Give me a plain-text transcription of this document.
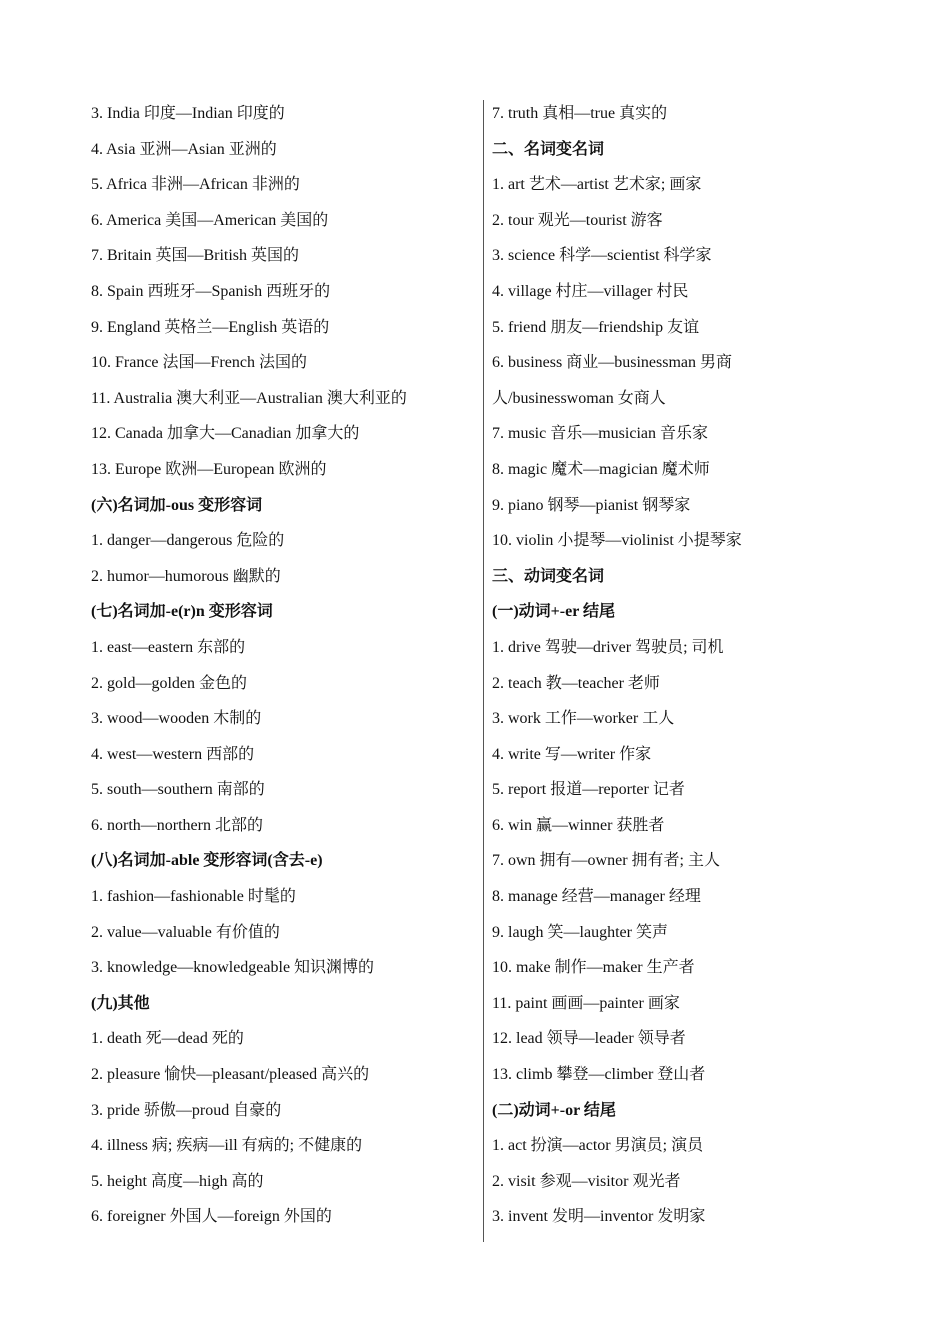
3. India 印度—Indian 印度的
4. Asia 亚洲—Asian 亚洲的
5. Africa 非洲—African 非洲的
6. America 美国—American 美国的
7. Britain 英国—British 英国的
8. Spain 西班牙—Spanish 西班牙的
9. England 英格兰—English 英语的
10. France 法国—French 法国的
11. Australia 澳大利亚—Australian 澳大利亚的
12. Canada 加拿大—Canadian 加拿大的
13. Europe 欧洲—European 欧洲的
(六)名词加-ous 变形容词
1. danger—dangerous 危险的
2. humor—humorous 幽默的
(七)名词加-e(r)n 变形容词
1. east—eastern 东部的
2. gold—golden 金色的
3. wood—wooden 木制的
4. west—western 西部的
5. south—southern 南部的
6. north—northern 北部的
(八)名词加-able 变形容词(含去-e)
1. fashion—fashionable 时髦的
2. value—valuable 有价值的
3. knowledge—knowledgeable 知识渊博的
(九)其他
1. death 死—dead 死的
2. pleasure 愉快—pleasant/pleased 高兴的
3. pride 骄傲—proud 自豪的
4. illness 病; 疾病—ill 有病的; 不健康的
5. height 高度—high 高的
6. foreigner 外国人—foreign 外国的
7. truth 真相—true 真实的
二、名词变名词
1. art 艺术—artist 艺术家; 画家
2. tour 观光—tourist 游客
3. science 科学—scientist 科学家
4. village 村庄—villager 村民
5. friend 朋友—friendship 友谊
6. business 商业—businessman 男商
人/businesswoman 女商人
7. music 音乐—musician 音乐家
8. magic 魔术—magician 魔术师
9. piano 钢琴—pianist 钢琴家
10. violin 小提琴—violinist 小提琴家
三、动词变名词
(一)动词+-er 结尾
1. drive 驾驶—driver 驾驶员; 司机
2. teach 教—teacher 老师
3. work 工作—worker 工人
4. write 写—writer 作家
5. report 报道—reporter 记者
6. win 赢—winner 获胜者
7. own 拥有—owner 拥有者; 主人
8. manage 经营—manager 经理
9. laugh 笑—laughter 笑声
10. make 制作—maker 生产者
11. paint 画画—painter 画家
12. lead 领导—leader 领导者
13. climb 攀登—climber 登山者
(二)动词+-or 结尾
1. act 扮演—actor 男演员; 演员
2. visit 参观—visitor 观光者
3. invent 发明—inventor 发明家
